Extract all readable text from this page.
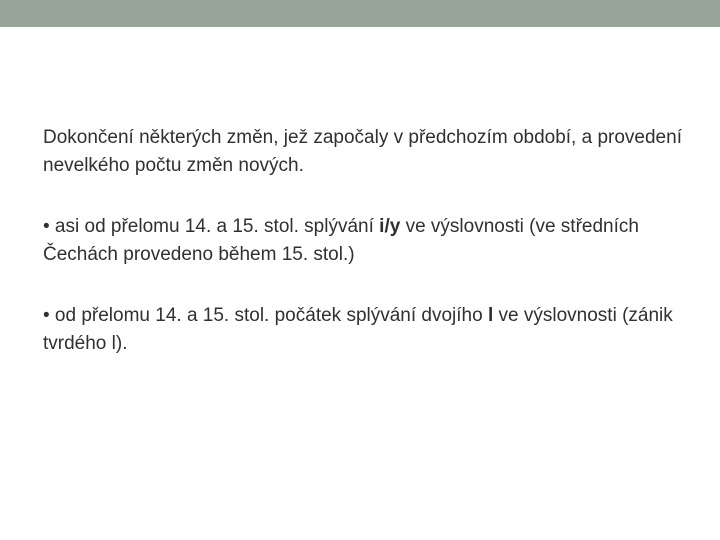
Dokončení některých změn, jež započaly v předchozím období, a provedení nevelkého počtu změn nových.

• asi od přelomu 14. a 15. stol. splývání i/y ve výslovnosti (ve středních Čechách provedeno během 15. stol.)

• od přelomu 14. a 15. stol. počátek splývání dvojího l ve výslovnosti (zánik tvrdého l).
